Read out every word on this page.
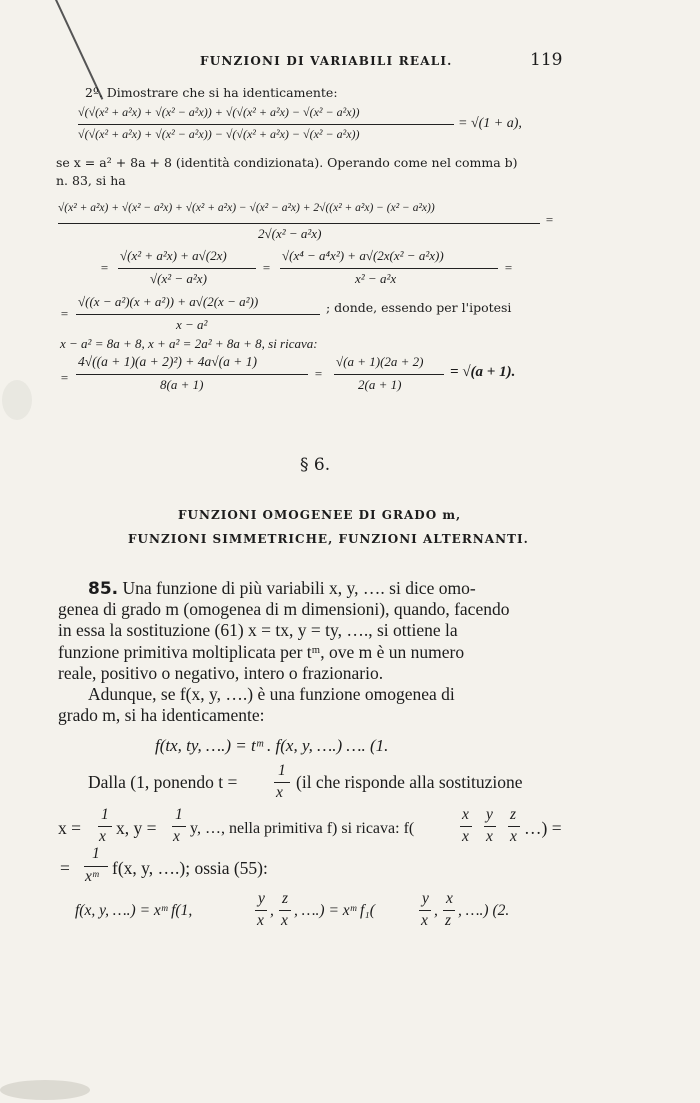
FUNZIONI DI VARIABILI REALI.	119
2º. Dimostrare che si ha identicamente:
√(√(x² + a²x) + √(x² − a²x)) + √(√(x² + a²x) − √(x² − a²x))
√(√(x² + a²x) + √(x² − a²x)) − √(√(x² + a²x) − √(x² − a²x))
= √(1 + a),
se x = a² + 8a + 8 (identità condizionata). Operando come nel comma b)
n. 83, si ha
√(x² + a²x) + √(x² − a²x) + √(x² + a²x) − √(x² − a²x) + 2√((x² + a²x) − (x² − a²x))
2√(x² − a²x)
=
=
√(x² + a²x) + a√(2x)
√(x² − a²x)
=
√(x⁴ − a⁴x²) + a√(2x(x² − a²x))
x² − a²x
=
=
√((x − a²)(x + a²)) + a√(2(x − a²))
x − a²
; donde, essendo per l'ipotesi
x − a² = 8a + 8, x + a² = 2a² + 8a + 8, si ricava:
=
4√((a + 1)(a + 2)²) + 4a√(a + 1)
8(a + 1)
=
√(a + 1)(2a + 2)
2(a + 1)
= √(a + 1).
§ 6.
FUNZIONI OMOGENEE DI GRADO m,
FUNZIONI SIMMETRICHE, FUNZIONI ALTERNANTI.
85. Una funzione di più variabili x, y, …. si dice omo-
genea di grado m (omogenea di m dimensioni), quando, facendo
in essa la sostituzione (61) x = tx, y = ty, …., si ottiene la
funzione primitiva moltiplicata per tᵐ, ove m è un numero
reale, positivo o negativo, intero o frazionario.
Adunque, se f(x, y, ….) è una funzione omogenea di
grado m, si ha identicamente:
f(tx, ty, ….) = tᵐ . f(x, y, ….) …. (1.
Dalla (1, ponendo t =
1
x
(il che risponde alla sostituzione
x =
1
x x, y =
1
x y, …, nella primitiva f) si ricava: f(
x
x
y
x
z
x …) =
=
1
xᵐ f(x, y, ….); ossia (55):
f(x, y, ….) = xᵐ f(1,
y
x
,
z
x
, ….) = xᵐ f₁(
y
x
,
x
z
, ….) (2.
